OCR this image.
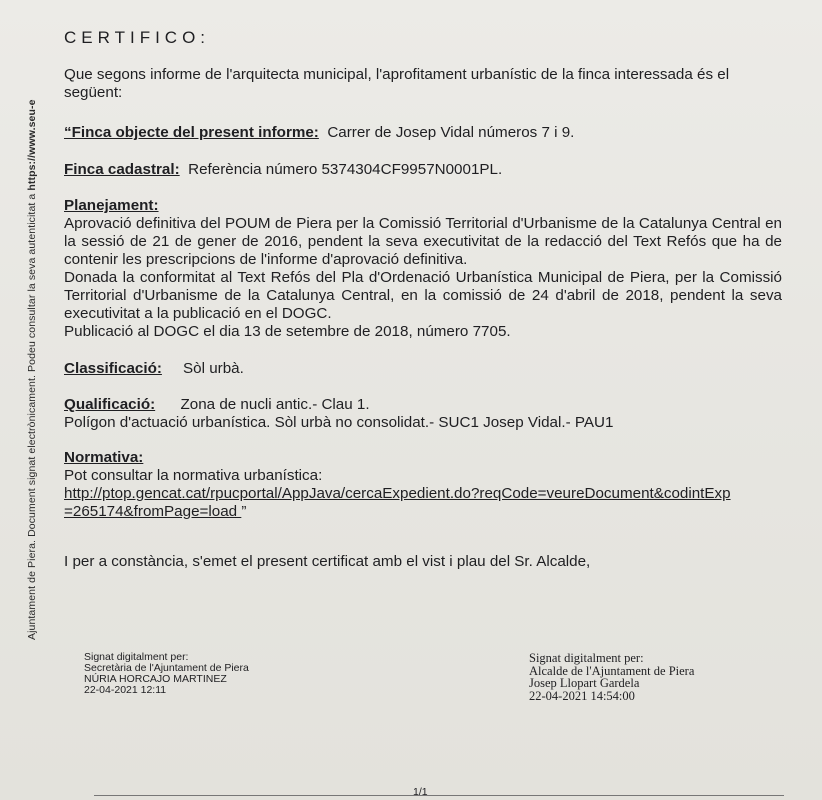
Ajuntament de Piera. Document signat electrònicament. Podeu consultar la seva autenticitat a https://www.seu-e
CERTIFICO:
Que segons informe de l'arquitecta municipal, l'aprofitament urbanístic de la finca interessada és el següent:
“Finca objecte del present informe: Carrer de Josep Vidal números 7 i 9.
Finca cadastral: Referència número 5374304CF9957N0001PL.
Planejament:
Aprovació definitiva del POUM de Piera per la Comissió Territorial d'Urbanisme de la Catalunya Central en la sessió de 21 de gener de 2016, pendent la seva executivitat de la redacció del Text Refós que ha de contenir les prescripcions de l'informe d'aprovació definitiva.
Donada la conformitat al Text Refós del Pla d'Ordenació Urbanística Municipal de Piera, per la Comissió Territorial d'Urbanisme de la Catalunya Central, en la comissió de 24 d'abril de 2018, pendent la seva executivitat a la publicació en el DOGC.
Publicació al DOGC el dia 13 de setembre de 2018, número 7705.
Classificació: Sòl urbà.
Qualificació: Zona de nucli antic.- Clau 1.
Polígon d'actuació urbanística. Sòl urbà no consolidat.- SUC1 Josep Vidal.- PAU1
Normativa:
Pot consultar la normativa urbanística:
http://ptop.gencat.cat/rpucportal/AppJava/cercaExpedient.do?reqCode=veureDocument&codintExp
=265174&fromPage=load ”
I per a constància, s'emet el present certificat amb el vist i plau del Sr. Alcalde,
Signat digitalment per:
Secretària de l'Ajuntament de Piera
NÚRIA HORCAJO MARTINEZ
22-04-2021 12:11
Signat digitalment per:
Alcalde de l'Ajuntament de Piera
Josep Llopart Gardela
22-04-2021 14:54:00
1/1
